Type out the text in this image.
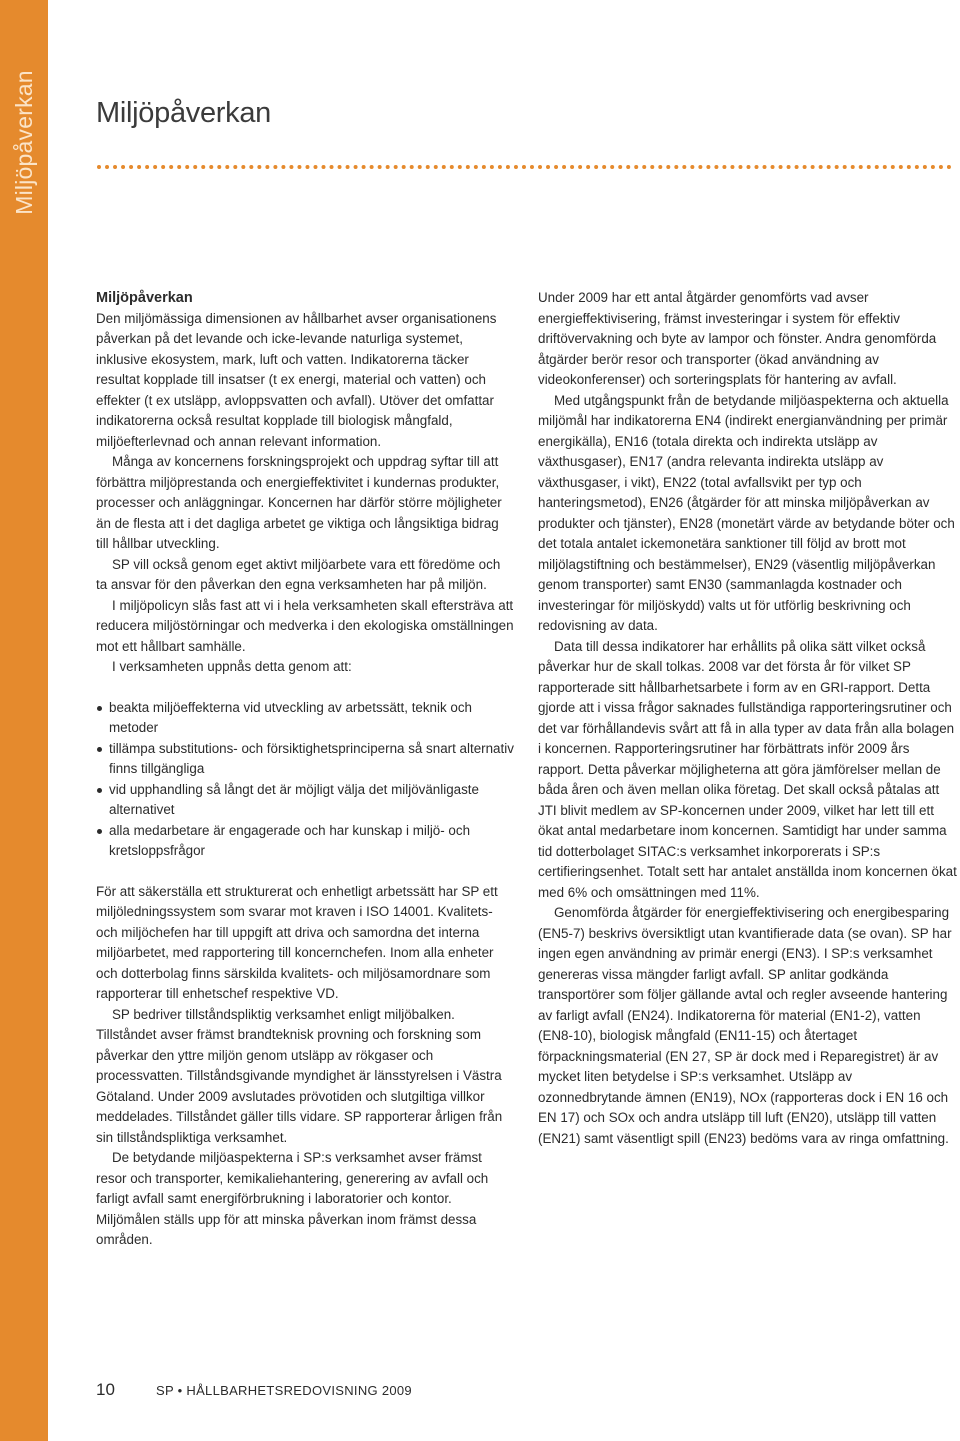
Miljöpåverkan Miljöpåverkan
Miljöpåverkan

Den miljömässiga dimensionen av hållbarhet avser organisationens påverkan på det levande och icke-levande naturliga systemet, inklusive ekosystem, mark, luft och vatten. Indikatorerna täcker resultat kopplade till insatser (t ex energi, material och vatten) och effekter (t ex utsläpp, avloppsvatten och avfall). Utöver det omfattar indikatorerna också resultat kopplade till biologisk mångfald, miljöefterlevnad och annan relevant information.

Många av koncernens forskningsprojekt och uppdrag syftar till att förbättra miljöprestanda och energieffektivitet i kundernas produkter, processer och anläggningar. Koncernen har därför större möjligheter än de flesta att i det dagliga arbetet ge viktiga och långsiktiga bidrag till hållbar utveckling.

SP vill också genom eget aktivt miljöarbete vara ett föredöme och ta ansvar för den påverkan den egna verksamheten har på miljön.

I miljöpolicyn slås fast att vi i hela verksamheten skall eftersträva att reducera miljöstörningar och medverka i den ekologiska omställningen mot ett hållbart samhälle.

I verksamheten uppnås detta genom att:

beakta miljöeffekterna vid utveckling av arbetssätt, teknik och metoder
tillämpa substitutions- och försiktighetsprinciperna så snart alternativ finns tillgängliga
vid upphandling så långt det är möjligt välja det miljövänligaste alternativet
alla medarbetare är engagerade och har kunskap i miljö- och kretsloppsfrågor

För att säkerställa ett strukturerat och enhetligt arbetssätt har SP ett miljöledningssystem som svarar mot kraven i ISO 14001. Kvalitets- och miljöchefen har till uppgift att driva och samordna det interna miljöarbetet, med rapportering till koncernchefen. Inom alla enheter och dotterbolag finns särskilda kvalitets- och miljösamordnare som rapporterar till enhetschef respektive VD.

SP bedriver tillståndspliktig verksamhet enligt miljöbalken. Tillståndet avser främst brandteknisk provning och forskning som påverkar den yttre miljön genom utsläpp av rökgaser och processvatten. Tillståndsgivande myndighet är länsstyrelsen i Västra Götaland. Under 2009 avslutades prövotiden och slutgiltiga villkor meddelades. Tillståndet gäller tills vidare. SP rapporterar årligen från sin tillståndspliktiga verksamhet.

De betydande miljöaspekterna i SP:s verksamhet avser främst resor och transporter, kemikaliehantering, generering av avfall och farligt avfall samt energiförbrukning i laboratorier och kontor. Miljömålen ställs upp för att minska påverkan inom främst dessa områden.

Under 2009 har ett antal åtgärder genomförts vad avser energieffektivisering, främst investeringar i system för effektiv driftövervakning och byte av lampor och fönster. Andra genomförda åtgärder berör resor och transporter (ökad användning av videokonferenser) och sorteringsplats för hantering av avfall.

Med utgångspunkt från de betydande miljöaspekterna och aktuella miljömål har indikatorerna EN4 (indirekt energianvändning per primär energikälla), EN16 (totala direkta och indirekta utsläpp av växthusgaser), EN17 (andra relevanta indirekta utsläpp av växthusgaser, i vikt), EN22 (total avfallsvikt per typ och hanteringsmetod), EN26 (åtgärder för att minska miljöpåverkan av produkter och tjänster), EN28 (monetärt värde av betydande böter och det totala antalet ickemonetära sanktioner till följd av brott mot miljölagstiftning och bestämmelser), EN29 (väsentlig miljöpåverkan genom transporter) samt EN30 (sammanlagda kostnader och investeringar för miljöskydd) valts ut för utförlig beskrivning och redovisning av data.

Data till dessa indikatorer har erhållits på olika sätt vilket också påverkar hur de skall tolkas. 2008 var det första år för vilket SP rapporterade sitt hållbarhetsarbete i form av en GRI-rapport. Detta gjorde att i vissa frågor saknades fullständiga rapporteringsrutiner och det var förhållandevis svårt att få in alla typer av data från alla bolagen i koncernen. Rapporteringsrutiner har förbättrats inför 2009 års rapport. Detta påverkar möjligheterna att göra jämförelser mellan de båda åren och även mellan olika företag. Det skall också påtalas att JTI blivit medlem av SP-koncernen under 2009, vilket har lett till ett ökat antal medarbetare inom koncernen. Samtidigt har under samma tid dotterbolaget SITAC:s verksamhet inkorporerats i SP:s certifieringsenhet. Totalt sett har antalet anställda inom koncernen ökat med 6% och omsättningen med 11%.

Genomförda åtgärder för energieffektivisering och energibesparing (EN5-7) beskrivs översiktligt utan kvantifierade data (se ovan). SP har ingen egen användning av primär energi (EN3). I SP:s verksamhet genereras vissa mängder farligt avfall. SP anlitar godkända transportörer som följer gällande avtal och regler avseende hantering av farligt avfall (EN24). Indikatorerna för material (EN1-2), vatten (EN8-10), biologisk mångfald (EN11-15) och återtaget förpackningsmaterial (EN 27, SP är dock med i Reparegistret) är av mycket liten betydelse i SP:s verksamhet. Utsläpp av ozonnedbrytande ämnen (EN19), NOx (rapporteras dock i EN 16 och EN 17) och SOx och andra utsläpp till luft (EN20), utsläpp till vatten (EN21) samt väsentligt spill (EN23) bedöms vara av ringa omfattning.

10	SP • HÅLLBARHETSREDOVISNING 2009
